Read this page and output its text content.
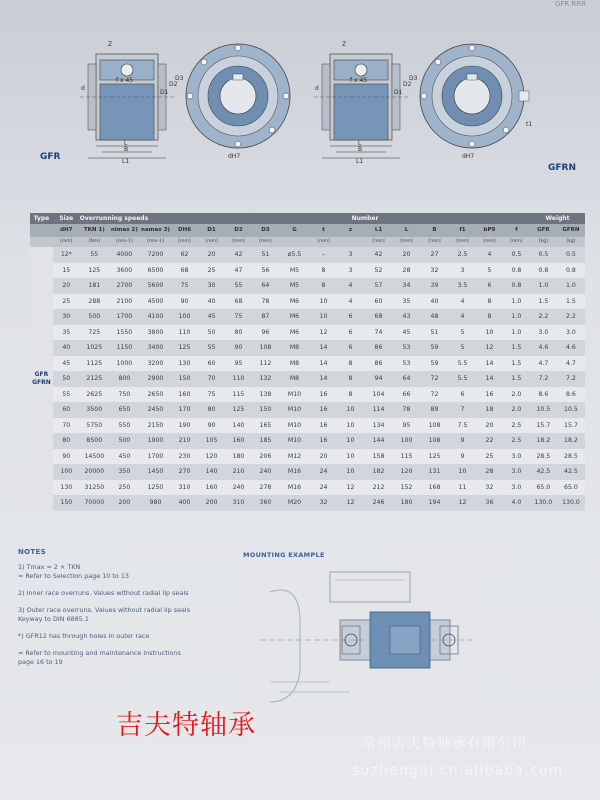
GFR RRR
L
B
L1
Z
f x 45
d
D1
D2
D3
dH7
GFR
L
B
L1
Z
f x 45
d
D1
D2
D3
t1
dH7
GFRN
Type	Size	Overrunning speeds									Number							Weight	
	dH7	TKN 1)	nimax 2)	namax 3)	DH6	D1	D2	D3	G	t	z	L1	L	B	f1	bP9	f	GFR	GFRN
	[mm]	[Nm]	[min-1]	[min-1]	[mm]	[mm]	[mm]	[mm]		[mm]		[mm]	[mm]	[mm]	[mm]	[mm]	[mm]	[kg]	[kg]
GFR
GFRN	12*	55	4000	7200	62	20	42	51	ø5.5	–	3	42	20	27	2.5	4	0.5	0.5	0.5
	15	125	3600	6500	68	25	47	56	M5	8	3	52	28	32	3	5	0.8	0.8	0.8
	20	181	2700	5600	75	30	55	64	M5	8	4	57	34	39	3.5	6	0.8	1.0	1.0
	25	288	2100	4500	90	40	68	78	M6	10	4	60	35	40	4	8	1.0	1.5	1.5
	30	500	1700	4100	100	45	75	87	M6	10	6	68	43	48	4	8	1.0	2.2	2.2
	35	725	1550	3800	110	50	80	96	M6	12	6	74	45	51	5	10	1.0	3.0	3.0
	40	1025	1150	3400	125	55	90	108	M8	14	6	86	53	59	5	12	1.5	4.6	4.6
	45	1125	1000	3200	130	60	95	112	M8	14	8	86	53	59	5.5	14	1.5	4.7	4.7
	50	2125	800	2900	150	70	110	132	M8	14	8	94	64	72	5.5	14	1.5	7.2	7.2
	55	2625	750	2650	160	75	115	138	M10	16	8	104	66	72	6	16	2.0	8.6	8.6
	60	3500	650	2450	170	80	125	150	M10	16	10	114	78	89	7	18	2.0	10.5	10.5
	70	5750	550	2150	190	90	140	165	M10	16	10	134	95	108	7.5	20	2.5	15.7	15.7
	80	8500	500	1900	210	105	160	185	M10	16	10	144	100	108	9	22	2.5	18.2	18.2
	90	14500	450	1700	230	120	180	206	M12	20	10	158	115	125	9	25	3.0	28.5	28.5
	100	20000	350	1450	270	140	210	240	M16	24	10	182	120	131	10	28	3.0	42.5	42.5
	130	31250	250	1250	310	160	240	278	M16	24	12	212	152	168	11	32	3.0	65.0	65.0
	150	70000	200	980	400	200	310	360	M20	32	12	246	180	194	12	36	4.0	130.0	130.0
NOTES

1) Tmax = 2 × TKN
= Refer to Selection page 10 to 13

2) Inner race overruns. Values without radial lip seals

3) Outer race overruns. Values without radial lip seals
Keyway to DIN 6885.1

*) GFR12 has through holes in outer race

= Refer to mounting and maintenance instructions
page 16 to 19

MOUNTING EXAMPLE
吉夫特轴承
常州吉夫特轴承有限公司
suzhengqi.cn.alibaba.com
